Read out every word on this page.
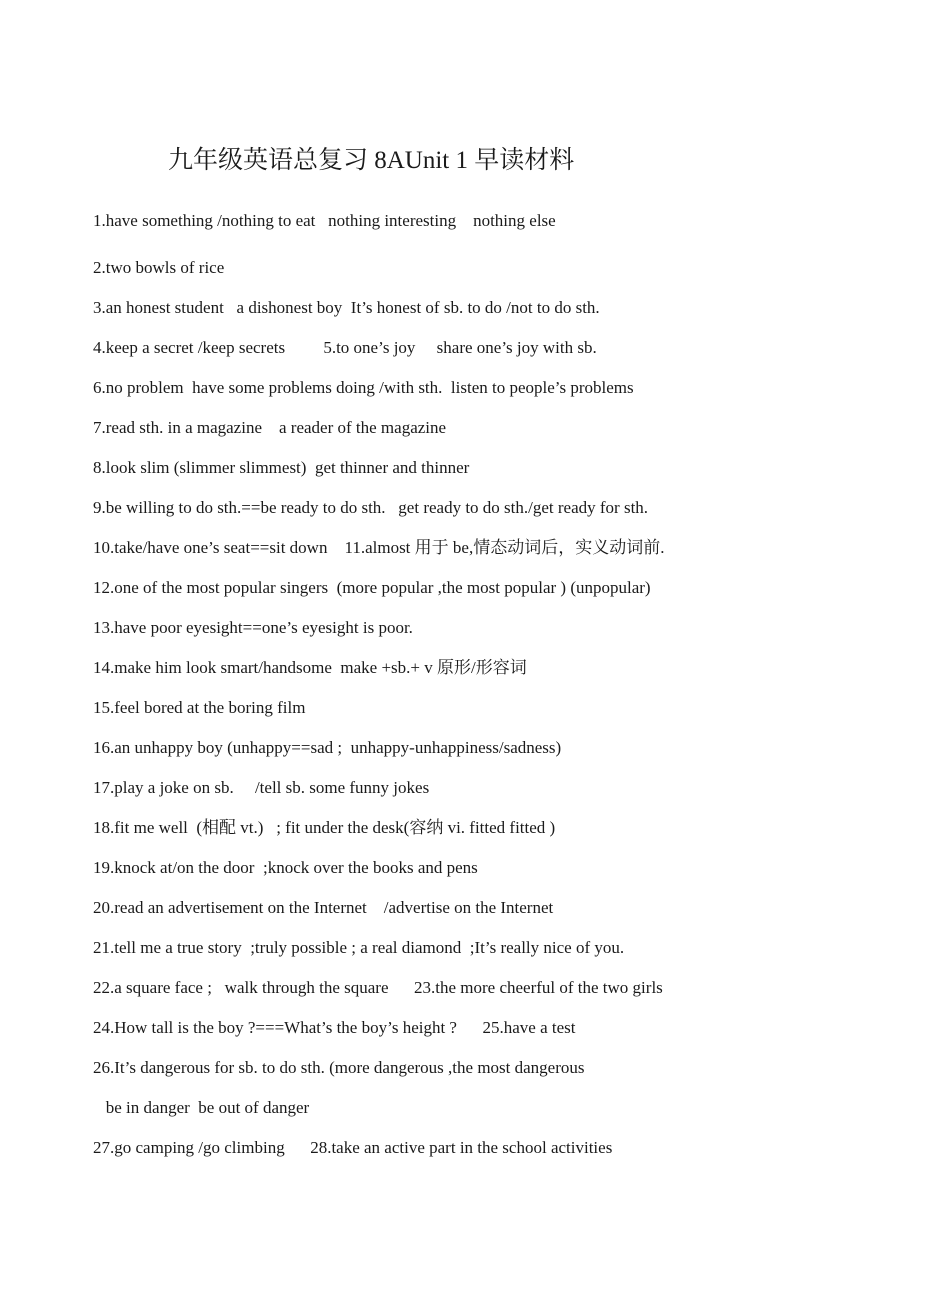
九年级英语总复习 8AUnit 1 早读材料
1.have something /nothing to eat   nothing interesting    nothing else
2.two bowls of rice
3.an honest student   a dishonest boy  It’s honest of sb. to do /not to do sth.
4.keep a secret /keep secrets         5.to one’s joy     share one’s joy with sb.
6.no problem  have some problems doing /with sth.  listen to people’s problems
7.read sth. in a magazine    a reader of the magazine
8.look slim (slimmer slimmest)  get thinner and thinner
9.be willing to do sth.==be ready to do sth.   get ready to do sth./get ready for sth.
10.take/have one’s seat==sit down    11.almost 用于 be,情态动词后，实义动词前.
12.one of the most popular singers  (more popular ,the most popular ) (unpopular)
13.have poor eyesight==one’s eyesight is poor.
14.make him look smart/handsome  make +sb.+ v 原形/形容词
15.feel bored at the boring film
16.an unhappy boy (unhappy==sad ;  unhappy-unhappiness/sadness)
17.play a joke on sb.     /tell sb. some funny jokes
18.fit me well  (相配 vt.)   ; fit under the desk(容纳 vi. fitted fitted )
19.knock at/on the door  ;knock over the books and pens
20.read an advertisement on the Internet    /advertise on the Internet
21.tell me a true story  ;truly possible ; a real diamond  ;It’s really nice of you.
22.a square face ;   walk through the square      23.the more cheerful of the two girls
24.How tall is the boy ?===What’s the boy’s height ?      25.have a test
26.It’s dangerous for sb. to do sth. (more dangerous ,the most dangerous
be in danger  be out of danger
27.go camping /go climbing      28.take an active part in the school activities
